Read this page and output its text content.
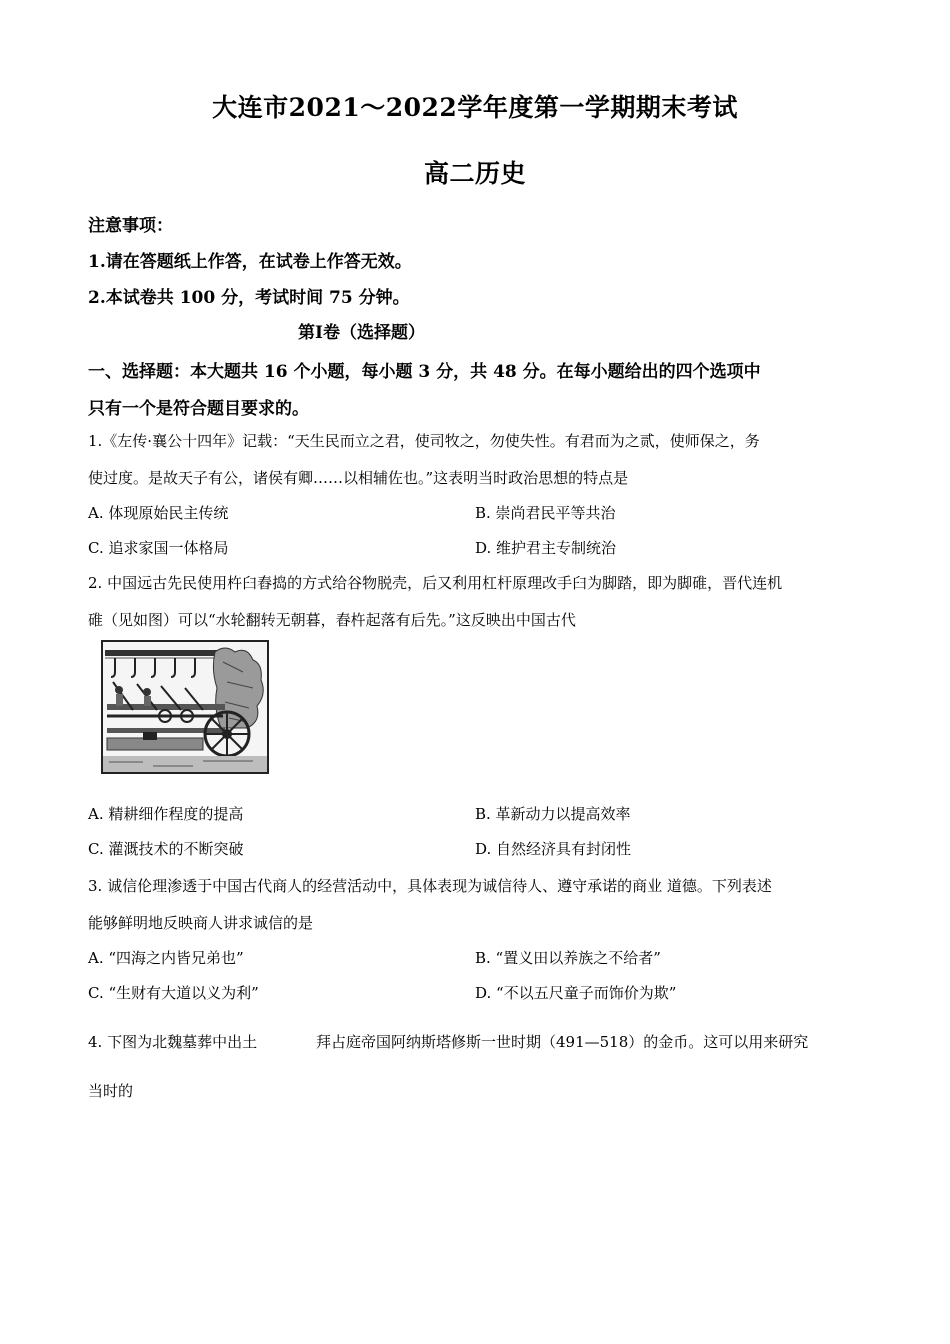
大连市2021～2022学年度第一学期期末考试
高二历史
注意事项：
1.请在答题纸上作答，在试卷上作答无效。
2.本试卷共 100 分，考试时间 75 分钟。
第Ⅰ卷（选择题）
一、选择题：本大题共 16 个小题，每小题 3 分，共 48 分。在每小题给出的四个选项中
只有一个是符合题目要求的。
1.《左传·襄公十四年》记载：“天生民而立之君，使司牧之，勿使失性。有君而为之贰，使师保之，务
使过度。是故天子有公，诸侯有卿……以相辅佐也。”这表明当时政治思想的特点是
A. 体现原始民主传统	B. 崇尚君民平等共治
C. 追求家国一体格局	D. 维护君主专制统治
2. 中国远古先民使用杵臼舂捣的方式给谷物脱壳，后又利用杠杆原理改手臼为脚踏，即为脚碓，晋代连机
碓（见如图）可以“水轮翻转无朝暮，舂杵起落有后先。”这反映出中国古代
A. 精耕细作程度的提高	B. 革新动力以提高效率
C. 灌溉技术的不断突破	D. 自然经济具有封闭性
3. 诚信伦理渗透于中国古代商人的经营活动中，具体表现为诚信待人、遵守承诺的商业 道德。下列表述
能够鲜明地反映商人讲求诚信的是
A. “四海之内皆兄弟也”	B. “置义田以养族之不给者”
C. “生财有大道以义为利”	D. “不以五尺童子而饰价为欺”
4. 下图为北魏墓葬中出土	拜占庭帝国阿纳斯塔修斯一世时期（491—518）的金币。这可以用来研究
当时的
